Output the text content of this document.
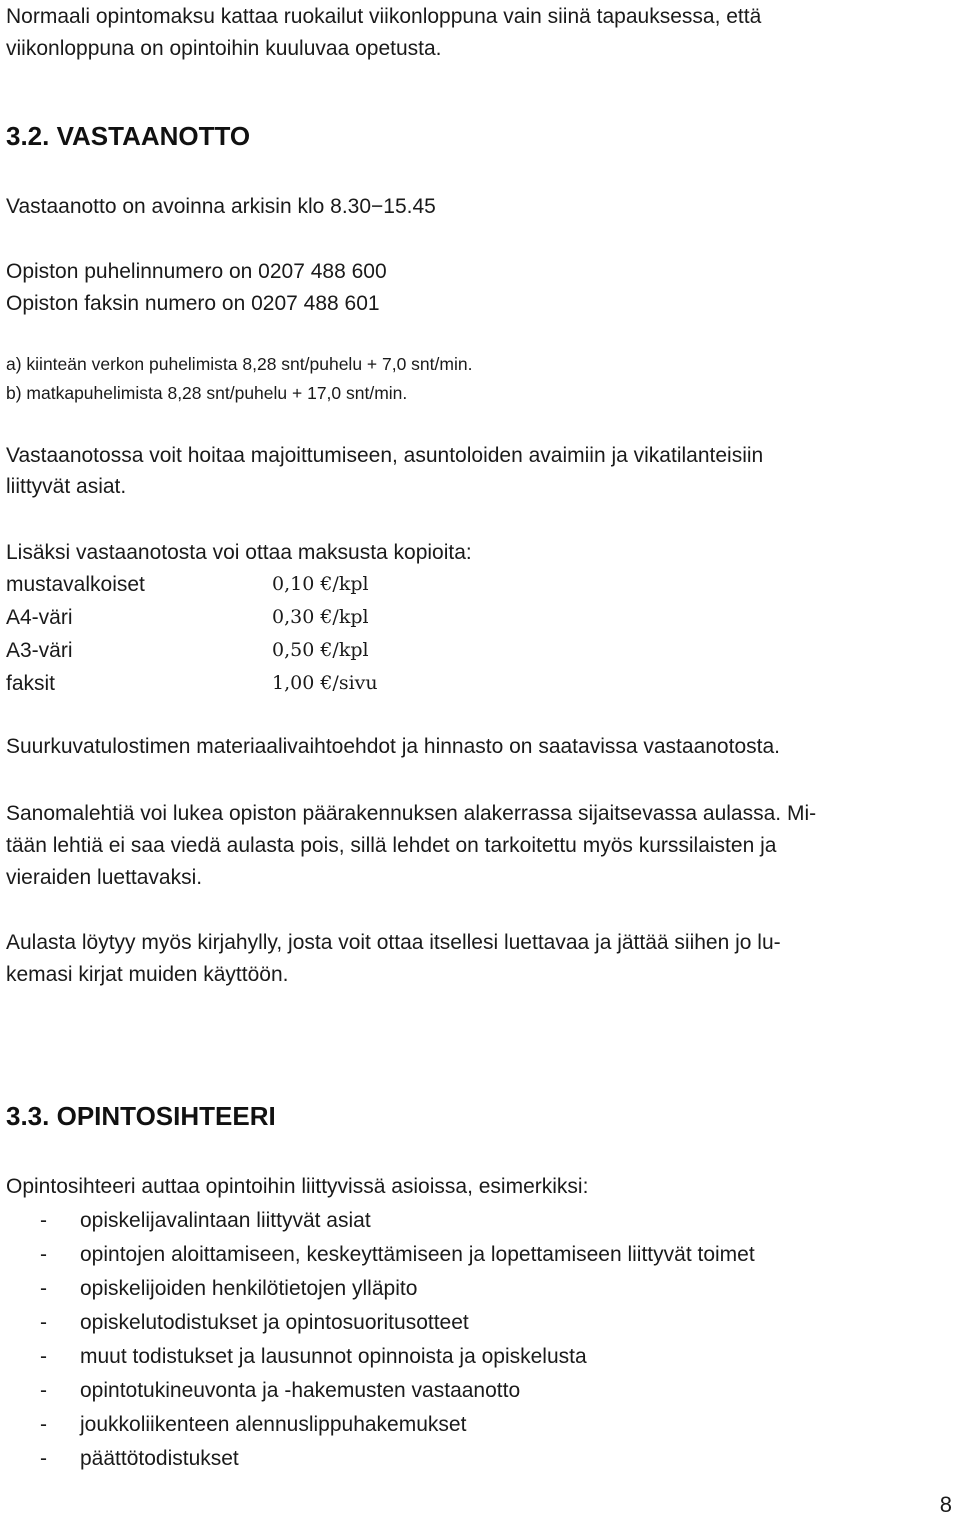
Normaali opintomaksu kattaa ruokailut viikonloppuna vain siinä tapauksessa, että
viikonloppuna on opintoihin kuuluvaa opetusta.
3.2. VASTAANOTTO
Vastaanotto on avoinna arkisin klo 8.30−15.45
Opiston puhelinnumero on 0207 488 600
Opiston faksin numero on 0207 488 601
a) kiinteän verkon puhelimista 8,28 snt/puhelu + 7,0 snt/min.
b) matkapuhelimista 8,28 snt/puhelu + 17,0 snt/min.
Vastaanotossa voit hoitaa majoittumiseen, asuntoloiden avaimiin ja vikatilanteisiin
liittyvät asiat.
Lisäksi vastaanotosta voi ottaa maksusta kopioita:
mustavalkoiset	0,10 €/kpl
A4-väri	0,30 €/kpl
A3-väri	0,50 €/kpl
faksit	1,00 €/sivu
Suurkuvatulostimen materiaalivaihtoehdot ja hinnasto on saatavissa vastaanotosta.
Sanomalehtiä voi lukea opiston päärakennuksen alakerrassa sijaitsevassa aulassa. Mi-
tään lehtiä ei saa viedä aulasta pois, sillä lehdet on tarkoitettu myös kurssilaisten ja
vieraiden luettavaksi.
Aulasta löytyy myös kirjahylly, josta voit ottaa itsellesi luettavaa ja jättää siihen jo lu-
kemasi kirjat muiden käyttöön.
3.3. OPINTOSIHTEERI
Opintosihteeri auttaa opintoihin liittyvissä asioissa, esimerkiksi:
- opiskelijavalintaan liittyvät asiat
- opintojen aloittamiseen, keskeyttämiseen ja lopettamiseen liittyvät toimet
- opiskelijoiden henkilötietojen ylläpito
- opiskelutodistukset ja opintosuoritusotteet
- muut todistukset ja lausunnot opinnoista ja opiskelusta
- opintotukineuvonta ja -hakemusten vastaanotto
- joukkoliikenteen alennuslippuhakemukset
- päättötodistukset
8
